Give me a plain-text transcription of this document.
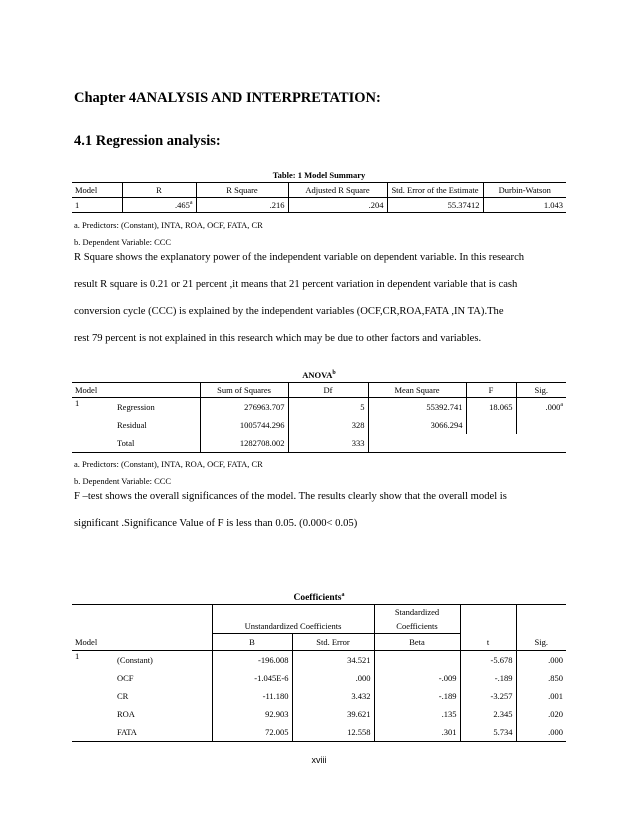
Chapter 4ANALYSIS AND INTERPRETATION:
4.1 Regression analysis:
Table: 1 Model Summary
Model	R	R Square	Adjusted R Square	Std. Error of the Estimate	Durbin-Watson
1	.465$^a$	.216	.204	55.37412	1.043
a. Predictors: (Constant), INTA, ROA, OCF, FATA, CR
b. Dependent Variable: CCC
R Square shows the explanatory power of the independent variable on dependent variable. In this research
result R square is 0.21 or 21 percent ,it means that 21 percent variation in dependent variable that is cash
conversion cycle (CCC) is explained by the independent variables (OCF,CR,ROA,FATA ,IN TA).The
rest 79 percent is not explained in this research which may be due to other factors and variables.
ANOVA$^b$
Model		Sum of Squares	Df	Mean Square	F	Sig.
1	Regression	276963.707	5	55392.741	18.065	.000$^a$
	Residual	1005744.296	328	3066.294		
	Total	1282708.002	333			
a. Predictors: (Constant), INTA, ROA, OCF, FATA, CR
b. Dependent Variable: CCC
F –test shows the overall significances of the model. The results clearly show that the overall model is
significant .Significance Value of F is less than 0.05. (0.000< 0.05)
Coefficients$^a$
				Standardized		
		Unstandardized Coefficients		Coefficients		
Model		B	Std. Error	Beta	t	Sig.
1	(Constant)	-196.008	34.521		-5.678	.000
	OCF	-1.045E-6	.000	-.009	-.189	.850
	CR	-11.180	3.432	-.189	-3.257	.001
	ROA	92.903	39.621	.135	2.345	.020
	FATA	72.005	12.558	.301	5.734	.000
xviii
